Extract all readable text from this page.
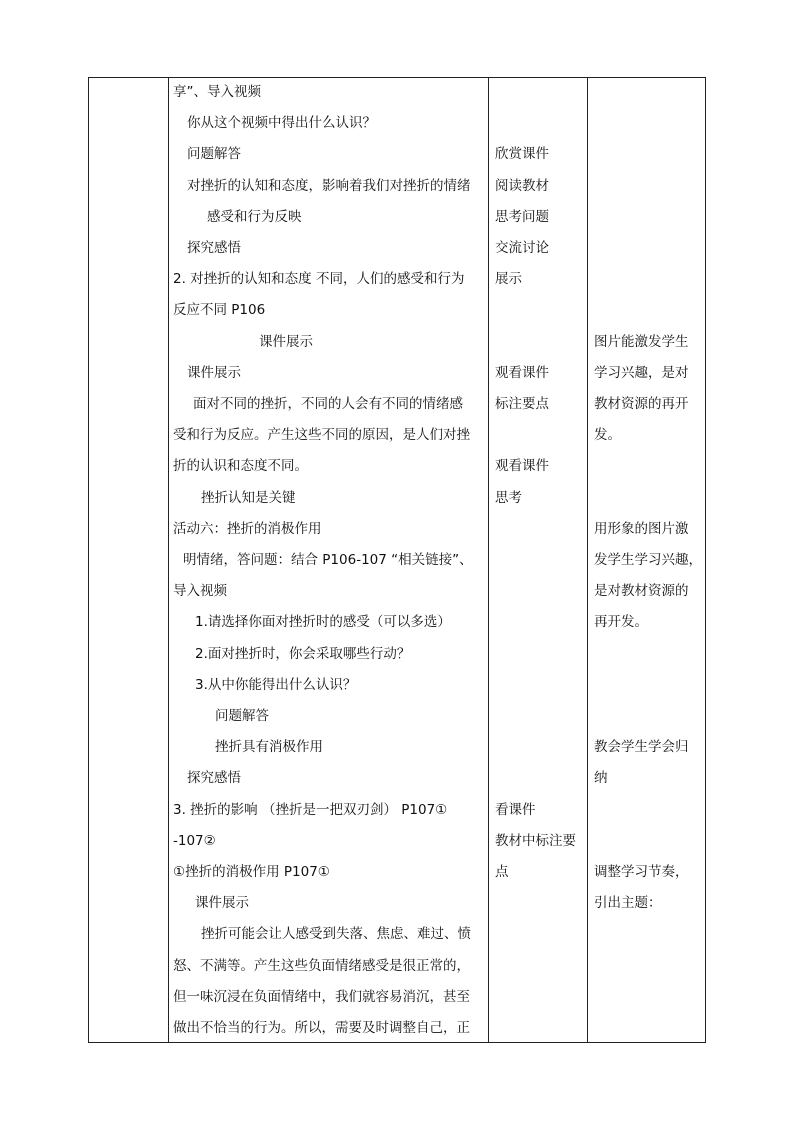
享”、导入视频
你从这个视频中得出什么认识？
问题解答
对挫折的认知和态度，影响着我们对挫折的情绪
感受和行为反映
探究感悟
2. 对挫折的认知和态度 不同，人们的感受和行为
反应不同 P106
课件展示
课件展示
面对不同的挫折，不同的人会有不同的情绪感
受和行为反应。产生这些不同的原因，是人们对挫
折的认识和态度不同。
挫折认知是关键
活动六：挫折的消极作用
明情绪，答问题：结合 P106-107 “相关链接”、
导入视频
1.请选择你面对挫折时的感受（可以多选）
2.面对挫折时，你会采取哪些行动？
3.从中你能得出什么认识？
问题解答
挫折具有消极作用
探究感悟
3. 挫折的影响 （挫折是一把双刃剑） P107①
-107②
①挫折的消极作用 P107①
课件展示
挫折可能会让人感受到失落、焦虑、难过、愤
怒、不满等。产生这些负面情绪感受是很正常的，
但一味沉浸在负面情绪中，我们就容易消沉，甚至
做出不恰当的行为。所以，需要及时调整自己，正
欣赏课件
阅读教材
思考问题
交流讨论
展示
观看课件
标注要点
观看课件
思考
看课件
教材中标注要
点
图片能激发学生
学习兴趣，是对
教材资源的再开
发。
用形象的图片激
发学生学习兴趣，
是对教材资源的
再开发。
教会学生学会归
纳
调整学习节奏，
引出主题：
